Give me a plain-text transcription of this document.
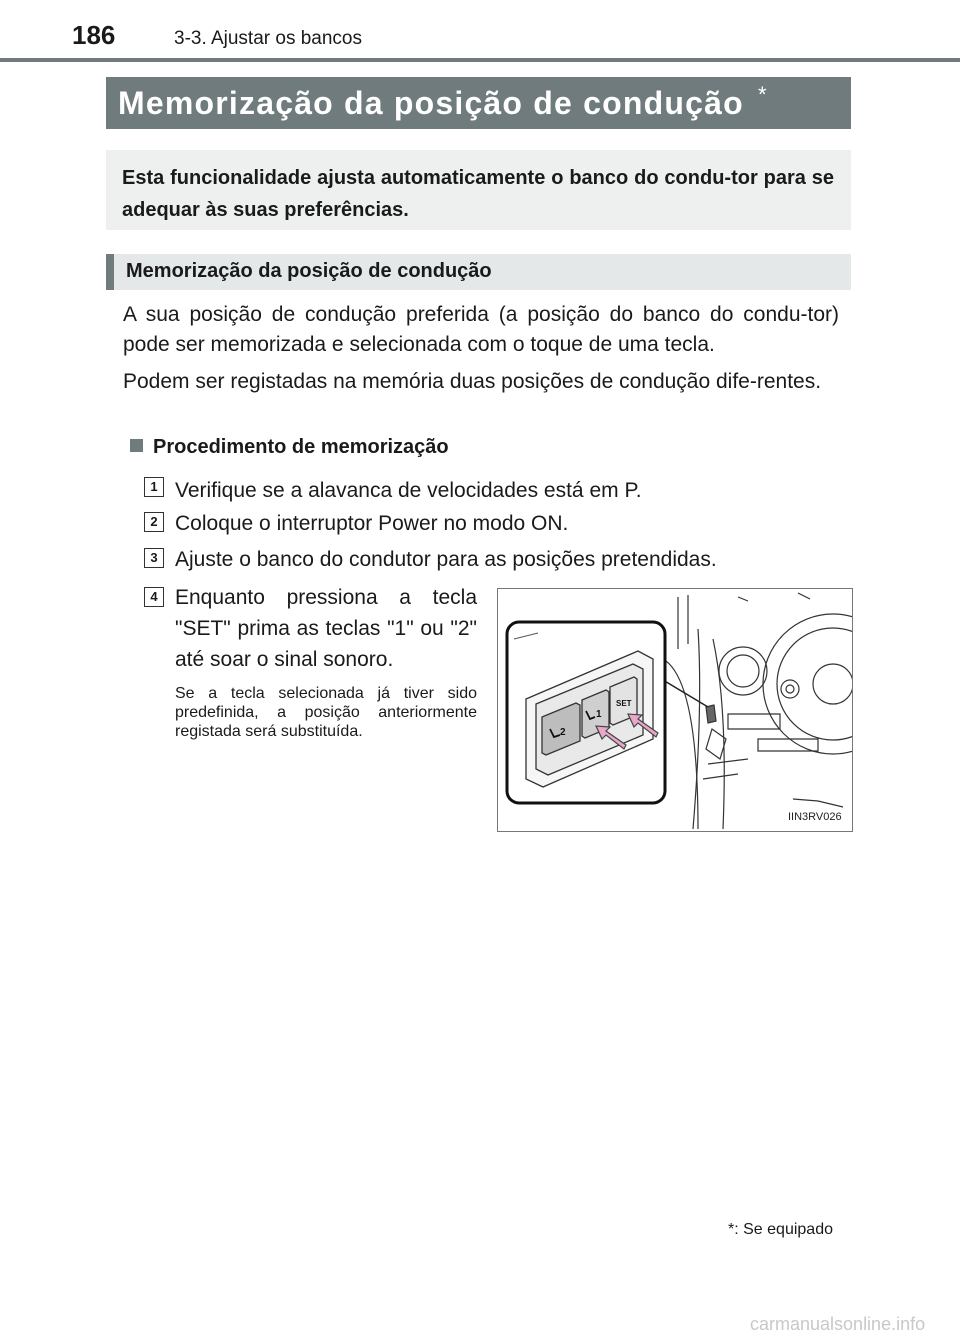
186	3-3. Ajustar os bancos
Memorização da posição de condução *
Esta funcionalidade ajusta automaticamente o banco do condu-tor para se adequar às suas preferências.
Memorização da posição de condução
A sua posição de condução preferida (a posição do banco do condu-tor) pode ser memorizada e selecionada com o toque de uma tecla.
Podem ser registadas na memória duas posições de condução dife-rentes.
Procedimento de memorização
1 Verifique se a alavanca de velocidades está em P.
2 Coloque o interruptor Power no modo ON.
3 Ajuste o banco do condutor para as posições pretendidas.
4 Enquanto pressiona a tecla "SET" prima as teclas "1" ou "2" até soar o sinal sonoro.
Se a tecla selecionada já tiver sido predefinida, a posição anteriormente registada será substituída.	2
1
SET
IIN3RV026
*: Se equipado
carmanualsonline.info
